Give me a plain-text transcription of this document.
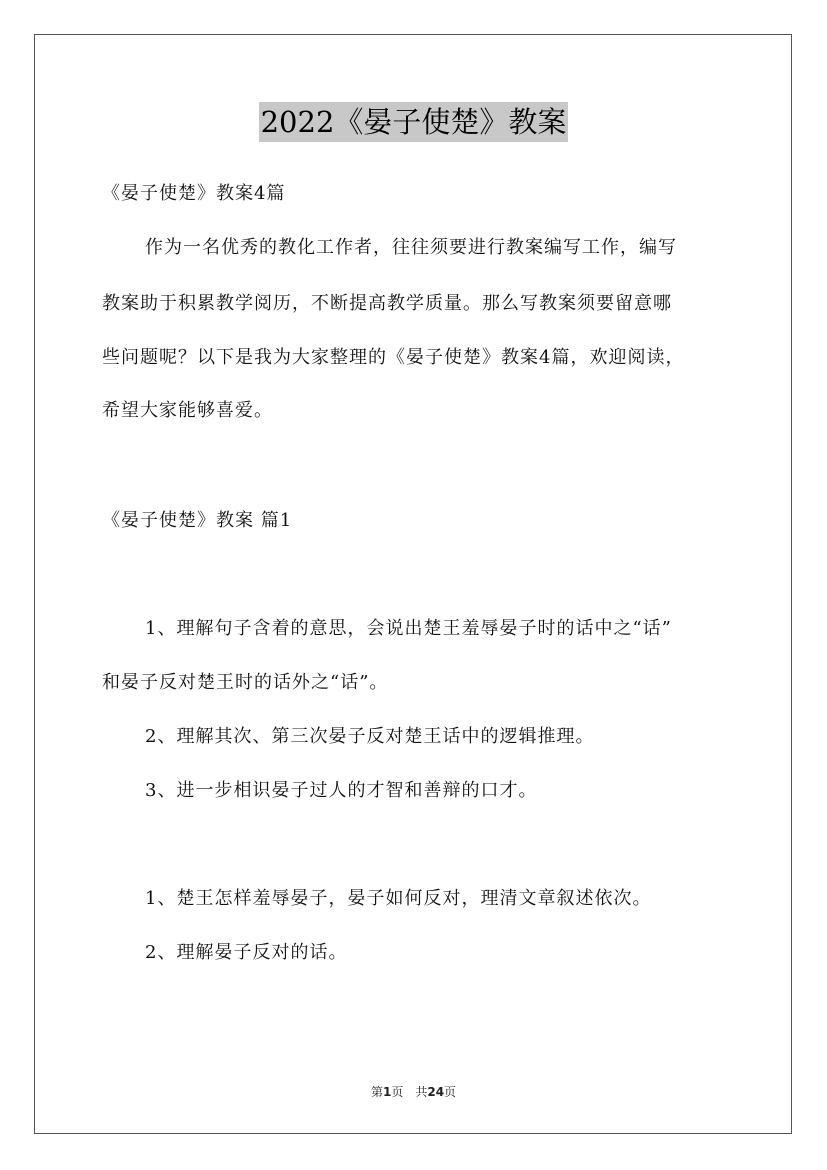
2022《晏子使楚》教案
《晏子使楚》教案4篇
作为一名优秀的教化工作者，往往须要进行教案编写工作，编写
教案助于积累教学阅历，不断提高教学质量。那么写教案须要留意哪
些问题呢？以下是我为大家整理的《晏子使楚》教案4篇，欢迎阅读，
希望大家能够喜爱。
《晏子使楚》教案 篇1
1、理解句子含着的意思，会说出楚王羞辱晏子时的话中之“话”
和晏子反对楚王时的话外之“话”。
2、理解其次、第三次晏子反对楚王话中的逻辑推理。
3、进一步相识晏子过人的才智和善辩的口才。
1、楚王怎样羞辱晏子，晏子如何反对，理清文章叙述依次。
2、理解晏子反对的话。
第1页 共24页
